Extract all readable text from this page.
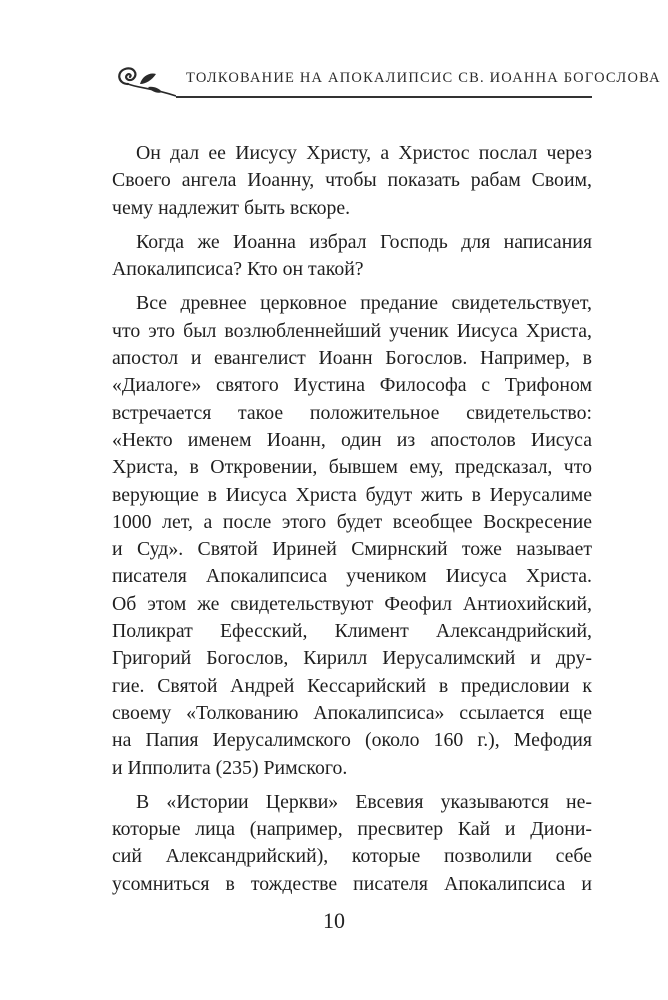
ТОЛКОВАНИЕ НА АПОКАЛИПСИС СВ. ИОАННА БОГОСЛОВА

Он дал ее Иисусу Христу, а Христос послал через
Своего ангела Иоанну, чтобы показать рабам Своим,
чему надлежит быть вскоре.

Когда же Иоанна избрал Господь для написания
Апокалипсиса? Кто он такой?

Все древнее церковное предание свидетельствует,
что это был возлюбленнейший ученик Иисуса Христа,
апостол и евангелист Иоанн Богослов. Например, в
«Диалоге» святого Иустина Философа с Трифоном
встречается такое положительное свидетельство:
«Некто именем Иоанн, один из апостолов Иисуса
Христа, в Откровении, бывшем ему, предсказал, что
верующие в Иисуса Христа будут жить в Иерусалиме
1000 лет, а после этого будет всеобщее Воскресение
и Суд». Святой Ириней Смирнский тоже называет
писателя Апокалипсиса учеником Иисуса Христа.
Об этом же свидетельствуют Феофил Антиохийский,
Поликрат Ефесский, Климент Александрийский,
Григорий Богослов, Кирилл Иерусалимский и дру-
гие. Святой Андрей Кессарийский в предисловии к
своему «Толкованию Апокалипсиса» ссылается еще
на Папия Иерусалимского (около 160 г.), Мефодия
и Ипполита (235) Римского.

В «Истории Церкви» Евсевия указываются не-
которые лица (например, пресвитер Кай и Диони-
сий Александрийский), которые позволили себе
усомниться в тождестве писателя Апокалипсиса и

10
